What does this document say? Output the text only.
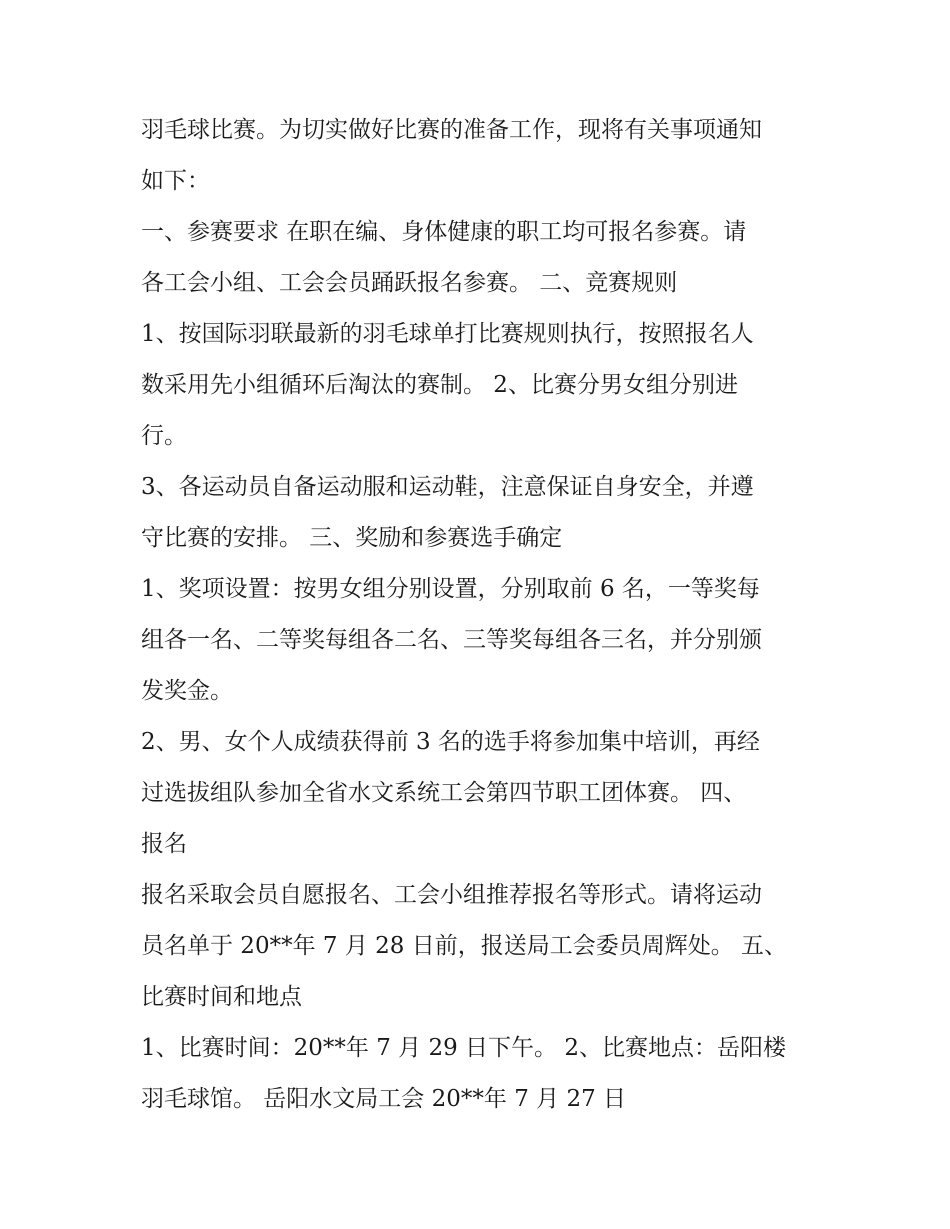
羽毛球比赛。为切实做好比赛的准备工作，现将有关事项通知
如下：
一、参赛要求 在职在编、身体健康的职工均可报名参赛。请
各工会小组、工会会员踊跃报名参赛。 二、竞赛规则
1、按国际羽联最新的羽毛球单打比赛规则执行，按照报名人
数采用先小组循环后淘汰的赛制。 2、比赛分男女组分别进
行。
3、各运动员自备运动服和运动鞋，注意保证自身安全，并遵
守比赛的安排。 三、奖励和参赛选手确定
1、奖项设置：按男女组分别设置，分别取前 6 名，一等奖每
组各一名、二等奖每组各二名、三等奖每组各三名，并分别颁
发奖金。
2、男、女个人成绩获得前 3 名的选手将参加集中培训，再经
过选拔组队参加全省水文系统工会第四节职工团体赛。 四、
报名
报名采取会员自愿报名、工会小组推荐报名等形式。请将运动
员名单于 20**年 7 月 28 日前，报送局工会委员周辉处。 五、
比赛时间和地点
1、比赛时间：20**年 7 月 29 日下午。 2、比赛地点：岳阳楼
羽毛球馆。 岳阳水文局工会 20**年 7 月 27 日
